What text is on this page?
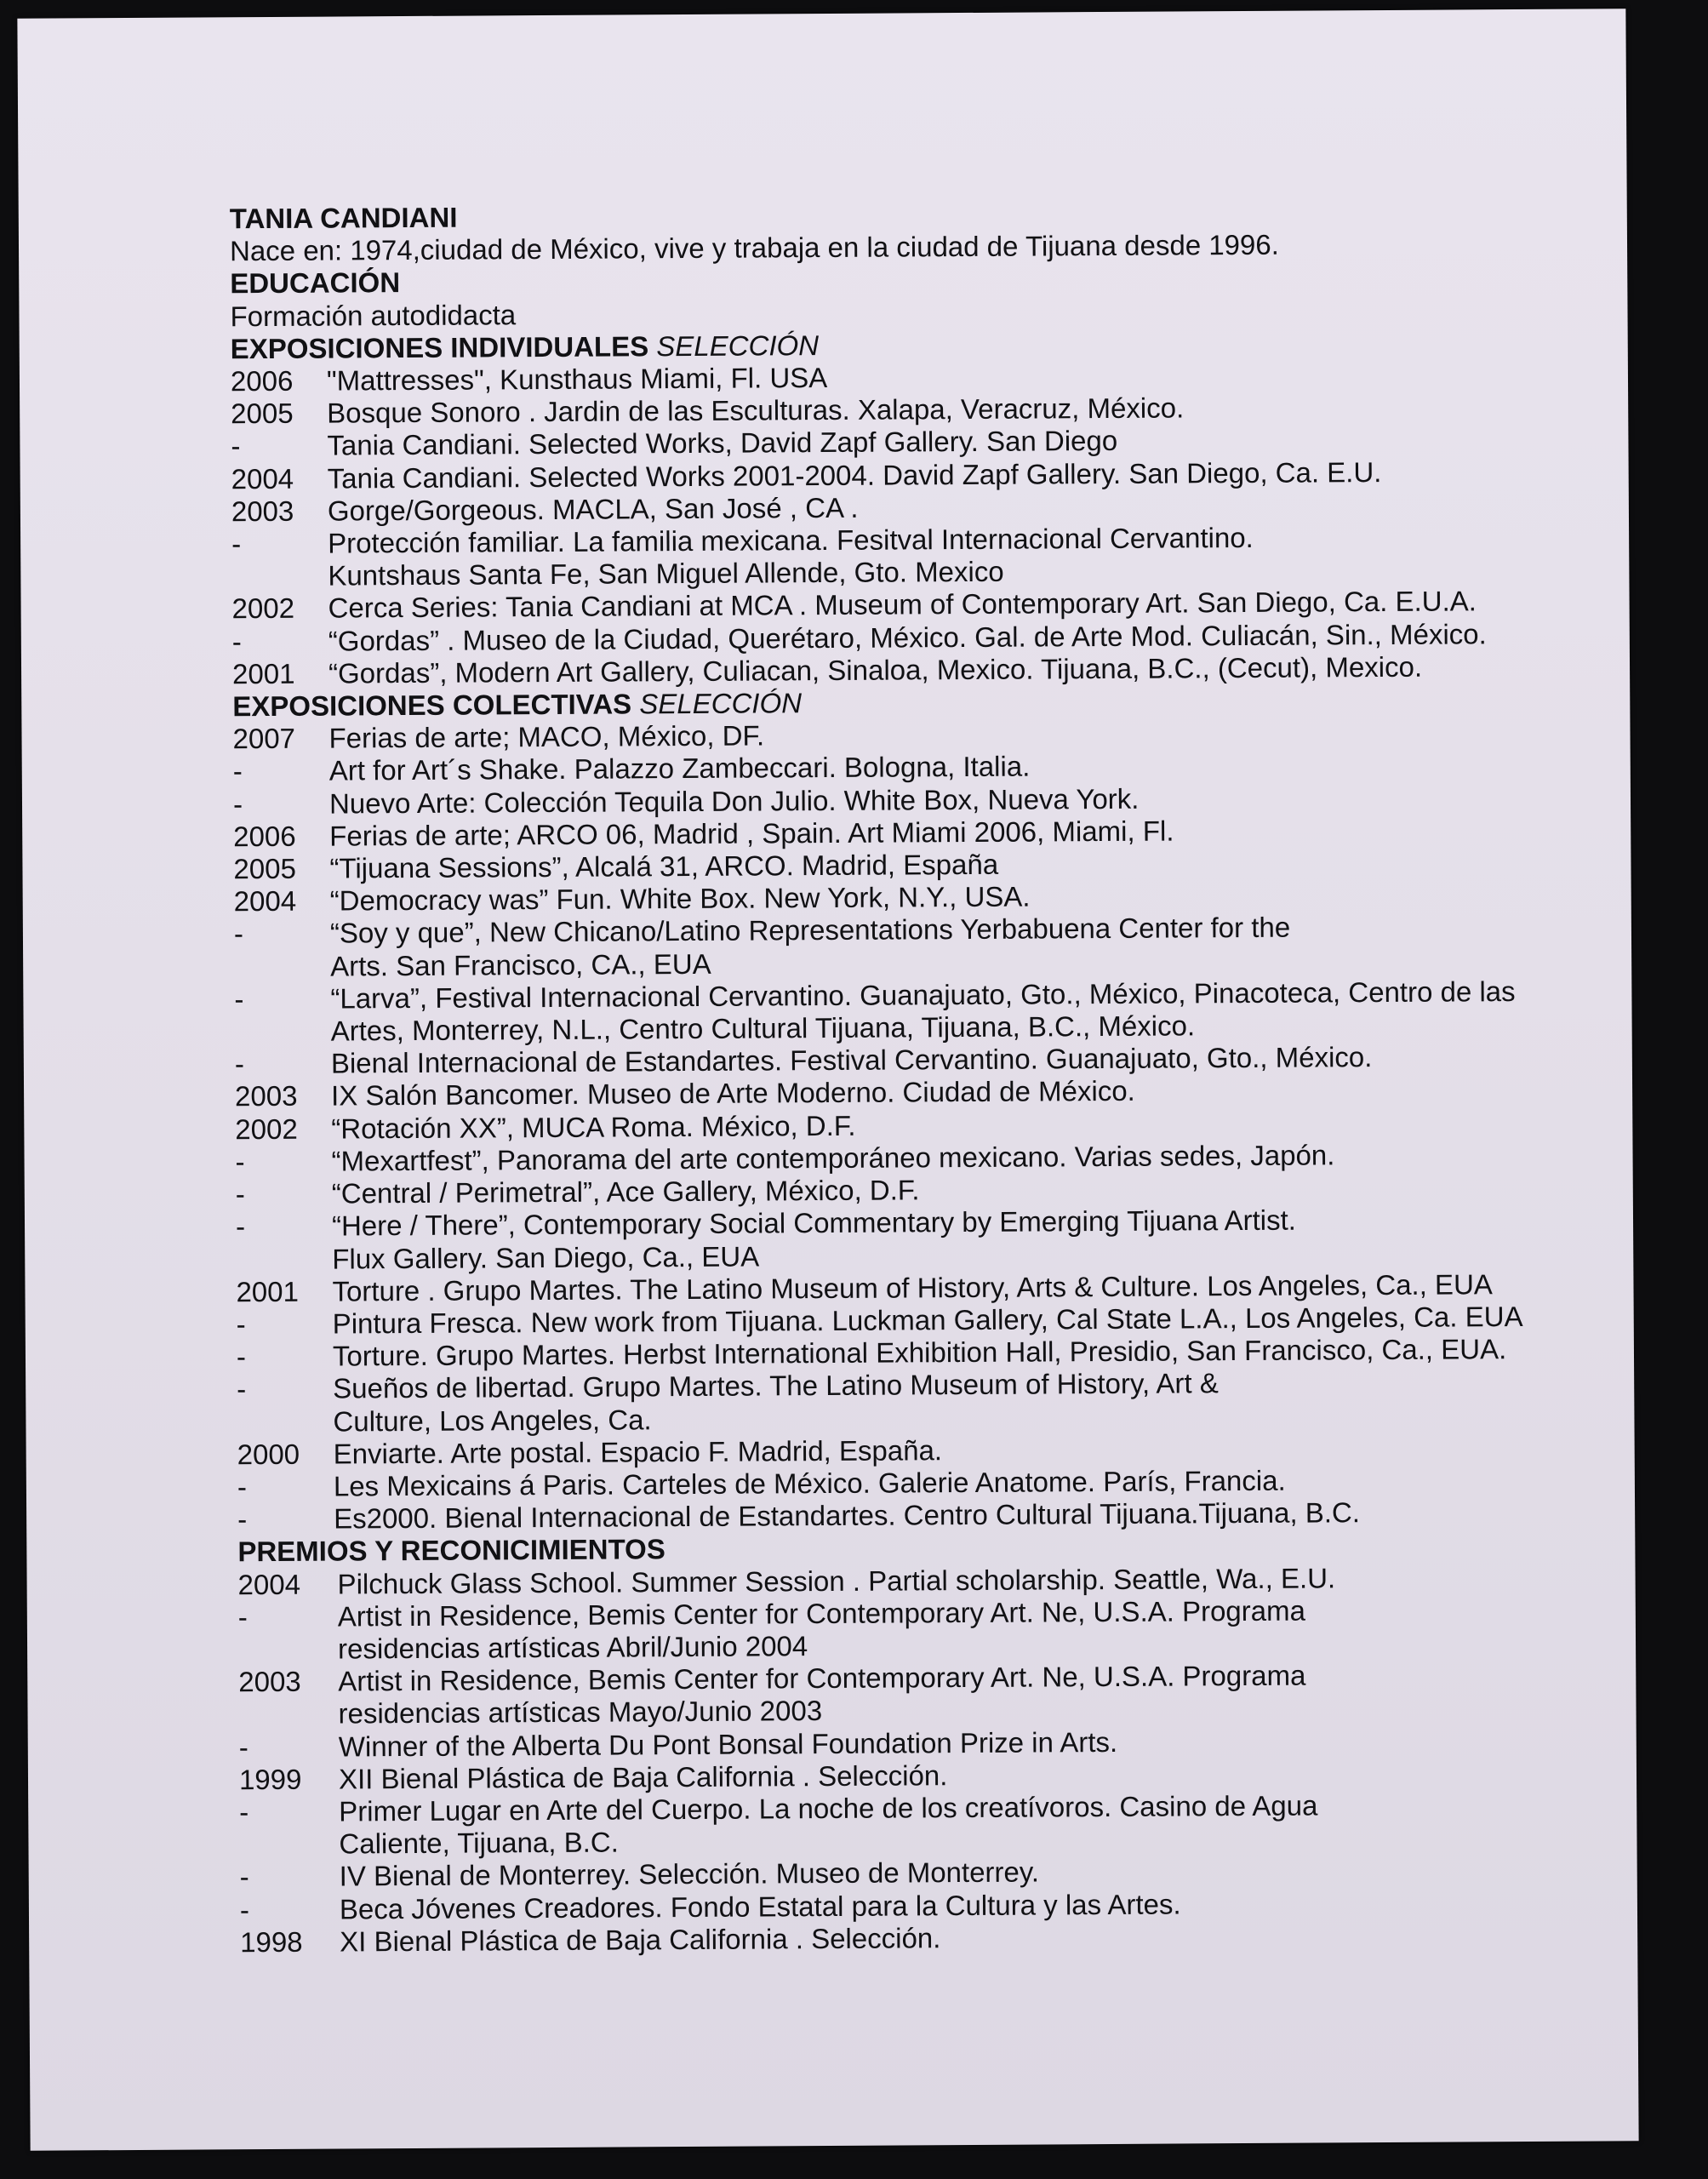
TANIA CANDIANI
Nace en: 1974,ciudad de México, vive y trabaja en la ciudad de Tijuana desde 1996.
EDUCACIÓN
Formación autodidacta
EXPOSICIONES INDIVIDUALES SELECCIÓN
2006	"Mattresses", Kunsthaus Miami, Fl. USA
2005	Bosque Sonoro . Jardin de las Esculturas. Xalapa, Veracruz, México.
-	Tania Candiani. Selected Works, David Zapf Gallery. San Diego
2004	Tania Candiani. Selected Works 2001-2004. David Zapf Gallery. San Diego, Ca. E.U.
2003	Gorge/Gorgeous. MACLA, San José , CA .
-	Protección familiar. La familia mexicana. Fesitval Internacional Cervantino.
Kuntshaus Santa Fe, San Miguel Allende, Gto. Mexico
2002	Cerca Series: Tania Candiani at MCA . Museum of Contemporary Art. San Diego, Ca. E.U.A.
-	“Gordas” . Museo de la Ciudad, Querétaro, México. Gal. de Arte Mod. Culiacán, Sin., México.
2001	“Gordas”, Modern Art Gallery, Culiacan, Sinaloa, Mexico. Tijuana, B.C., (Cecut), Mexico.
EXPOSICIONES COLECTIVAS SELECCIÓN
2007	Ferias de arte; MACO, México, DF.
-	Art for Art´s Shake. Palazzo Zambeccari. Bologna, Italia.
-	Nuevo Arte: Colección Tequila Don Julio. White Box, Nueva York.
2006	Ferias de arte; ARCO 06, Madrid , Spain. Art Miami 2006, Miami, Fl.
2005	“Tijuana Sessions”, Alcalá 31, ARCO. Madrid, España
2004	“Democracy was” Fun. White Box. New York, N.Y., USA.
-	“Soy y que”, New Chicano/Latino Representations Yerbabuena Center for the
Arts. San Francisco, CA., EUA
-	“Larva”, Festival Internacional Cervantino. Guanajuato, Gto., México, Pinacoteca, Centro de las
Artes, Monterrey, N.L., Centro Cultural Tijuana, Tijuana, B.C., México.
-	Bienal Internacional de Estandartes. Festival Cervantino. Guanajuato, Gto., México.
2003	IX Salón Bancomer. Museo de Arte Moderno. Ciudad de México.
2002	“Rotación XX”, MUCA Roma. México, D.F.
-	“Mexartfest”, Panorama del arte contemporáneo mexicano. Varias sedes, Japón.
-	“Central / Perimetral”, Ace Gallery, México, D.F.
-	“Here / There”, Contemporary Social Commentary by Emerging Tijuana Artist.
Flux Gallery. San Diego, Ca., EUA
2001	Torture . Grupo Martes. The Latino Museum of History, Arts & Culture. Los Angeles, Ca., EUA
-	Pintura Fresca. New work from Tijuana. Luckman Gallery, Cal State L.A., Los Angeles, Ca. EUA
-	Torture. Grupo Martes. Herbst International Exhibition Hall, Presidio, San Francisco, Ca., EUA.
-	Sueños de libertad. Grupo Martes. The Latino Museum of History, Art &
Culture, Los Angeles, Ca.
2000	Enviarte. Arte postal. Espacio F. Madrid, España.
-	Les Mexicains á Paris. Carteles de México. Galerie Anatome. París, Francia.
-	Es2000. Bienal Internacional de Estandartes. Centro Cultural Tijuana.Tijuana, B.C.
PREMIOS Y RECONICIMIENTOS
2004	Pilchuck Glass School. Summer Session . Partial scholarship. Seattle, Wa., E.U.
-	Artist in Residence, Bemis Center for Contemporary Art. Ne, U.S.A. Programa
residencias artísticas Abril/Junio 2004
2003	Artist in Residence, Bemis Center for Contemporary Art. Ne, U.S.A. Programa
residencias artísticas Mayo/Junio 2003
-	Winner of the Alberta Du Pont Bonsal Foundation Prize in Arts.
1999	XII Bienal Plástica de Baja California . Selección.
-	Primer Lugar en Arte del Cuerpo. La noche de los creatívoros. Casino de Agua
Caliente, Tijuana, B.C.
-	IV Bienal de Monterrey. Selección. Museo de Monterrey.
-	Beca Jóvenes Creadores. Fondo Estatal para la Cultura y las Artes.
1998	XI Bienal Plástica de Baja California . Selección.
